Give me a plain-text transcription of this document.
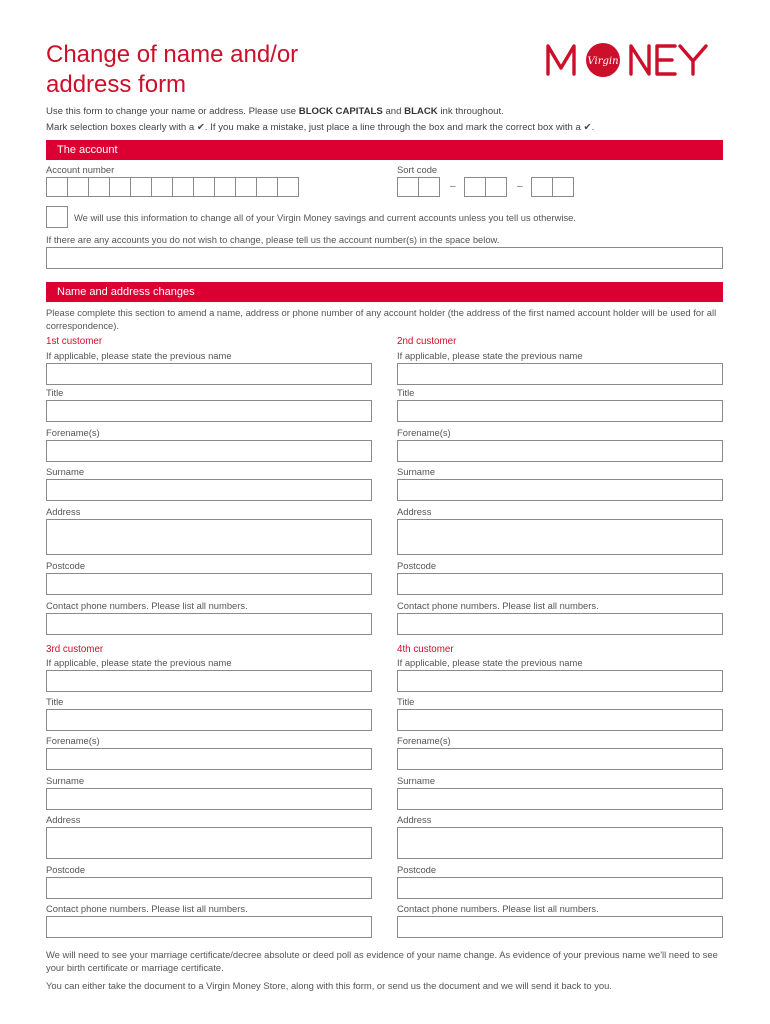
Change of name and/or
address form
Virgin
Use this form to change your name or address. Please use BLOCK CAPITALS and BLACK ink throughout.
Mark selection boxes clearly with a ✔. If you make a mistake, just place a line through the box and mark the correct box with a ✔.
The account
Account number	Sort code
–	–
We will use this information to change all of your Virgin Money savings and current accounts unless you tell us otherwise.
If there are any accounts you do not wish to change, please tell us the account number(s) in the space below.
Name and address changes
Please complete this section to amend a name, address or phone number of any account holder (the address of the first named account holder will be used for all correspondence).
1st customer
If applicable, please state the previous name
Title
Forename(s)
Surname
Address
Postcode
Contact phone numbers. Please list all numbers.
2nd customer
If applicable, please state the previous name
Title
Forename(s)
Surname
Address
Postcode
Contact phone numbers. Please list all numbers.
3rd customer
If applicable, please state the previous name
Title
Forename(s)
Surname
Address
Postcode
Contact phone numbers. Please list all numbers.
4th customer
If applicable, please state the previous name
Title
Forename(s)
Surname
Address
Postcode
Contact phone numbers. Please list all numbers.
We will need to see your marriage certificate/decree absolute or deed poll as evidence of your name change. As evidence of your previous name we'll need to see your birth certificate or marriage certificate.
You can either take the document to a Virgin Money Store, along with this form, or send us the document and we will send it back to you.
